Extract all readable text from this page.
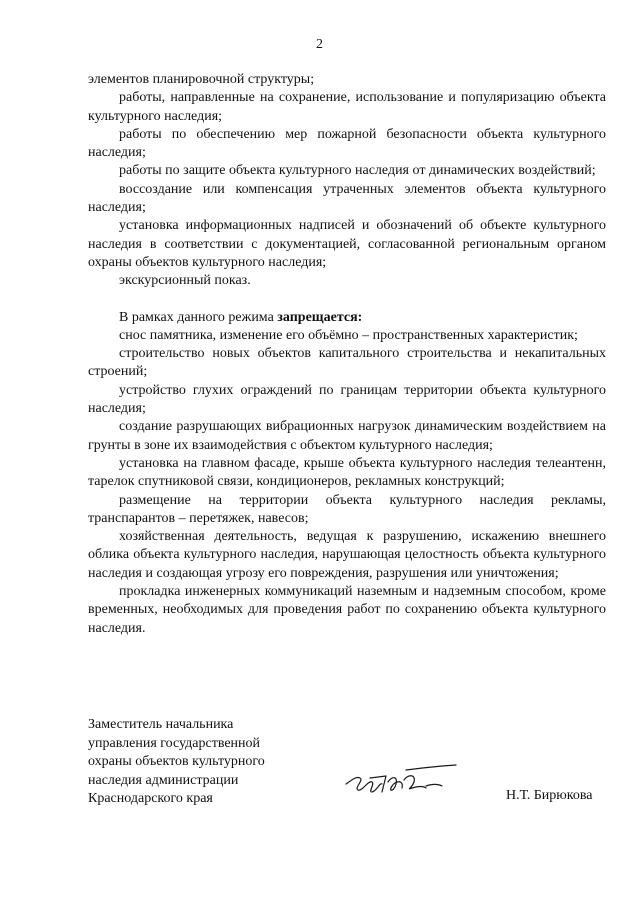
2

элементов планировочной структуры;

работы, направленные на сохранение, использование и популяризацию объекта культурного наследия;

работы по обеспечению мер пожарной безопасности объекта культурного наследия;

работы по защите объекта культурного наследия от динамических воздействий;

воссоздание или компенсация утраченных элементов объекта культурного наследия;

установка информационных надписей и обозначений об объекте культурного наследия в соответствии с документацией, согласованной региональным органом охраны объектов культурного наследия;

экскурсионный показ.

В рамках данного режима запрещается:

снос памятника, изменение его объёмно – пространственных характеристик;

строительство новых объектов капитального строительства и некапитальных строений;

устройство глухих ограждений по границам территории объекта культурного наследия;

создание разрушающих вибрационных нагрузок динамическим воздействием на грунты в зоне их взаимодействия с объектом культурного наследия;

установка на главном фасаде, крыше объекта культурного наследия телеантенн, тарелок спутниковой связи, кондиционеров, рекламных конструкций;

размещение на территории объекта культурного наследия рекламы, транспарантов – перетяжек, навесов;

хозяйственная деятельность, ведущая к разрушению, искажению внешнего облика объекта культурного наследия, нарушающая целостность объекта культурного наследия и создающая угрозу его повреждения, разрушения или уничтожения;

прокладка инженерных коммуникаций наземным и надземным способом, кроме временных, необходимых для проведения работ по сохранению объекта культурного наследия.

Заместитель начальника
управления государственной
охраны объектов культурного
наследия администрации
Краснодарского края	Н.Т. Бирюкова
